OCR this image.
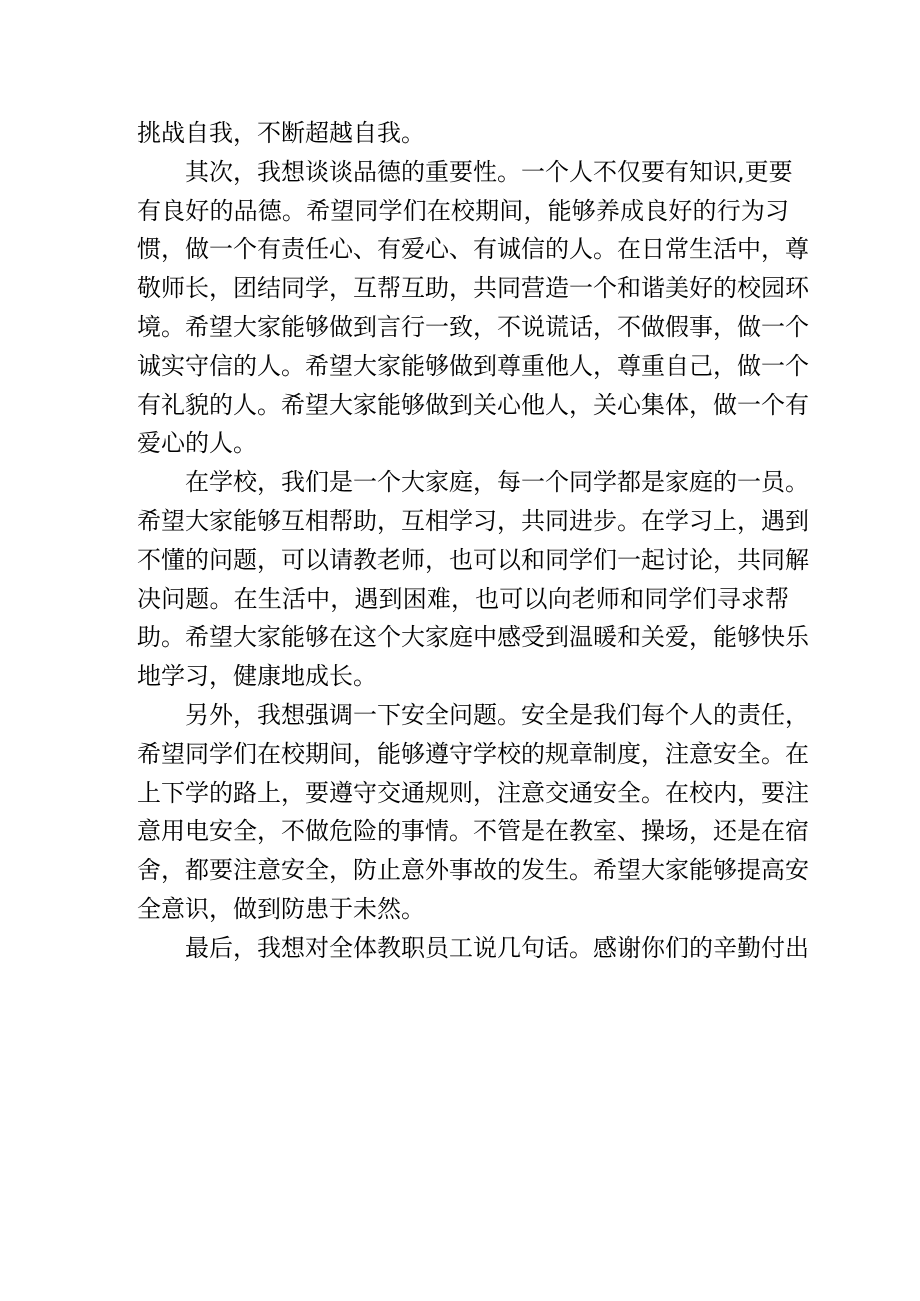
挑战自我，不断超越自我。
其次，我想谈谈品德的重要性。一个人不仅要有知识,更要
有良好的品德。希望同学们在校期间，能够养成良好的行为习
惯，做一个有责任心、有爱心、有诚信的人。在日常生活中，尊
敬师长，团结同学，互帮互助，共同营造一个和谐美好的校园环
境。希望大家能够做到言行一致，不说谎话，不做假事，做一个
诚实守信的人。希望大家能够做到尊重他人，尊重自己，做一个
有礼貌的人。希望大家能够做到关心他人，关心集体，做一个有
爱心的人。
在学校，我们是一个大家庭，每一个同学都是家庭的一员。
希望大家能够互相帮助，互相学习，共同进步。在学习上，遇到
不懂的问题，可以请教老师，也可以和同学们一起讨论，共同解
决问题。在生活中，遇到困难，也可以向老师和同学们寻求帮
助。希望大家能够在这个大家庭中感受到温暖和关爱，能够快乐
地学习，健康地成长。
另外，我想强调一下安全问题。安全是我们每个人的责任，
希望同学们在校期间，能够遵守学校的规章制度，注意安全。在
上下学的路上，要遵守交通规则，注意交通安全。在校内，要注
意用电安全，不做危险的事情。不管是在教室、操场，还是在宿
舍，都要注意安全，防止意外事故的发生。希望大家能够提高安
全意识，做到防患于未然。
最后，我想对全体教职员工说几句话。感谢你们的辛勤付出
